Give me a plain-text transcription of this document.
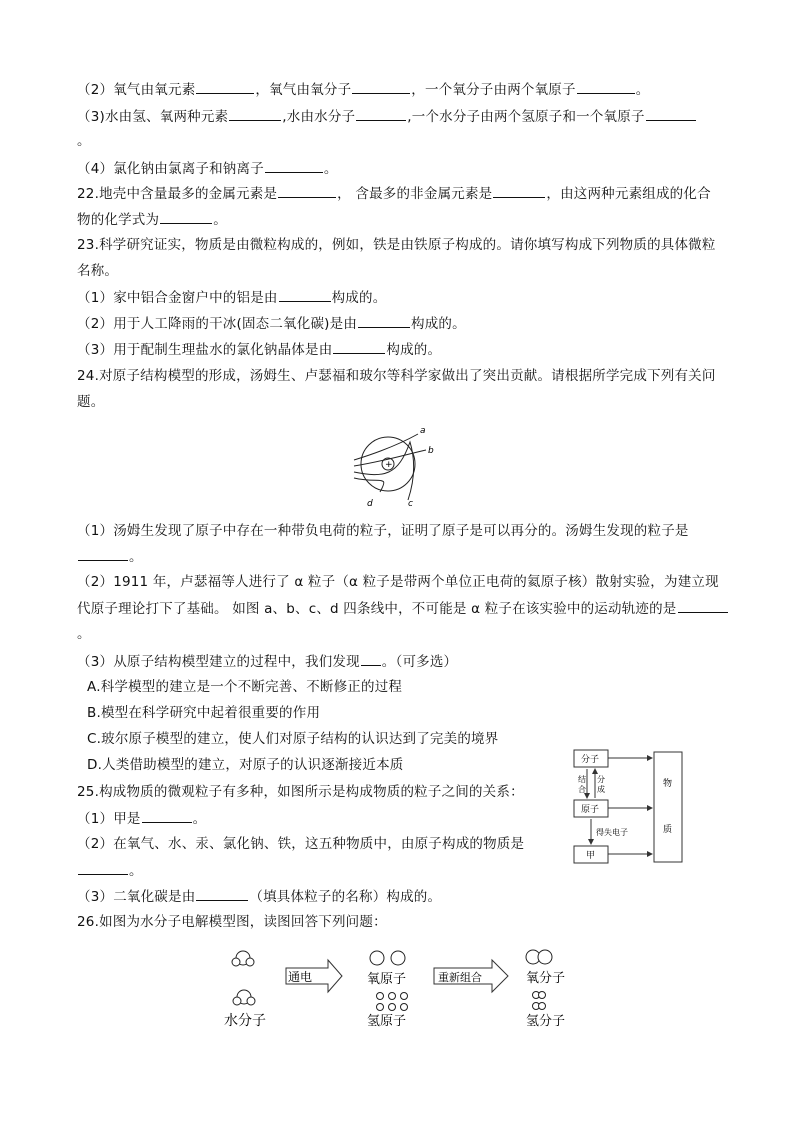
（2）氧气由氧元素	，氧气由氧分子	，一个氧分子由两个氧原子	。
（3)水由氢、氧两种元素	,水由水分子	,一个水分子由两个氢原子和一个氧原子
。
（4）氯化钠由氯离子和钠离子	。
22.地壳中含量最多的金属元素是	， 含最多的非金属元素是	，由这两种元素组成的化合
物的化学式为	。
23.科学研究证实，物质是由微粒构成的，例如，铁是由铁原子构成的。请你填写构成下列物质的具体微粒
名称。
（1）家中铝合金窗户中的铝是由	构成的。
（2）用于人工降雨的干冰(固态二氧化碳)是由	构成的。
（3）用于配制生理盐水的氯化钠晶体是由	构成的。
24.对原子结构模型的形成，汤姆生、卢瑟福和玻尔等科学家做出了突出贡献。请根据所学完成下列有关问
题。
+
a
b
c
d
（1）汤姆生发现了原子中存在一种带负电荷的粒子，证明了原子是可以再分的。汤姆生发现的粒子是
。
（2）1911 年，卢瑟福等人进行了 α 粒子（α 粒子是带两个单位正电荷的氦原子核）散射实验，为建立现
代原子理论打下了基础。 如图 a、b、c、d 四条线中，不可能是 α 粒子在该实验中的运动轨迹的是
。
（3）从原子结构模型建立的过程中，我们发现 。（可多选）
A.科学模型的建立是一个不断完善、不断修正的过程
B.模型在科学研究中起着很重要的作用
C.玻尔原子模型的建立，使人们对原子结构的认识达到了完美的境界
D.人类借助模型的建立，对原子的认识逐渐接近本质
25.构成物质的微观粒子有多种，如图所示是构成物质的粒子之间的关系：
（1）甲是	。
（2）在氧气、水、汞、氯化钠、铁，这五种物质中，由原子构成的物质是
。
（3）二氧化碳是由	（填具体粒子的名称）构成的。
分子
原子
甲
物
质
结
合
分
成
得失电子
26.如图为水分子电解模型图，读图回答下列问题：
水分子
通电	氧原子
氢原子
重新组合	氧分子
氢分子
